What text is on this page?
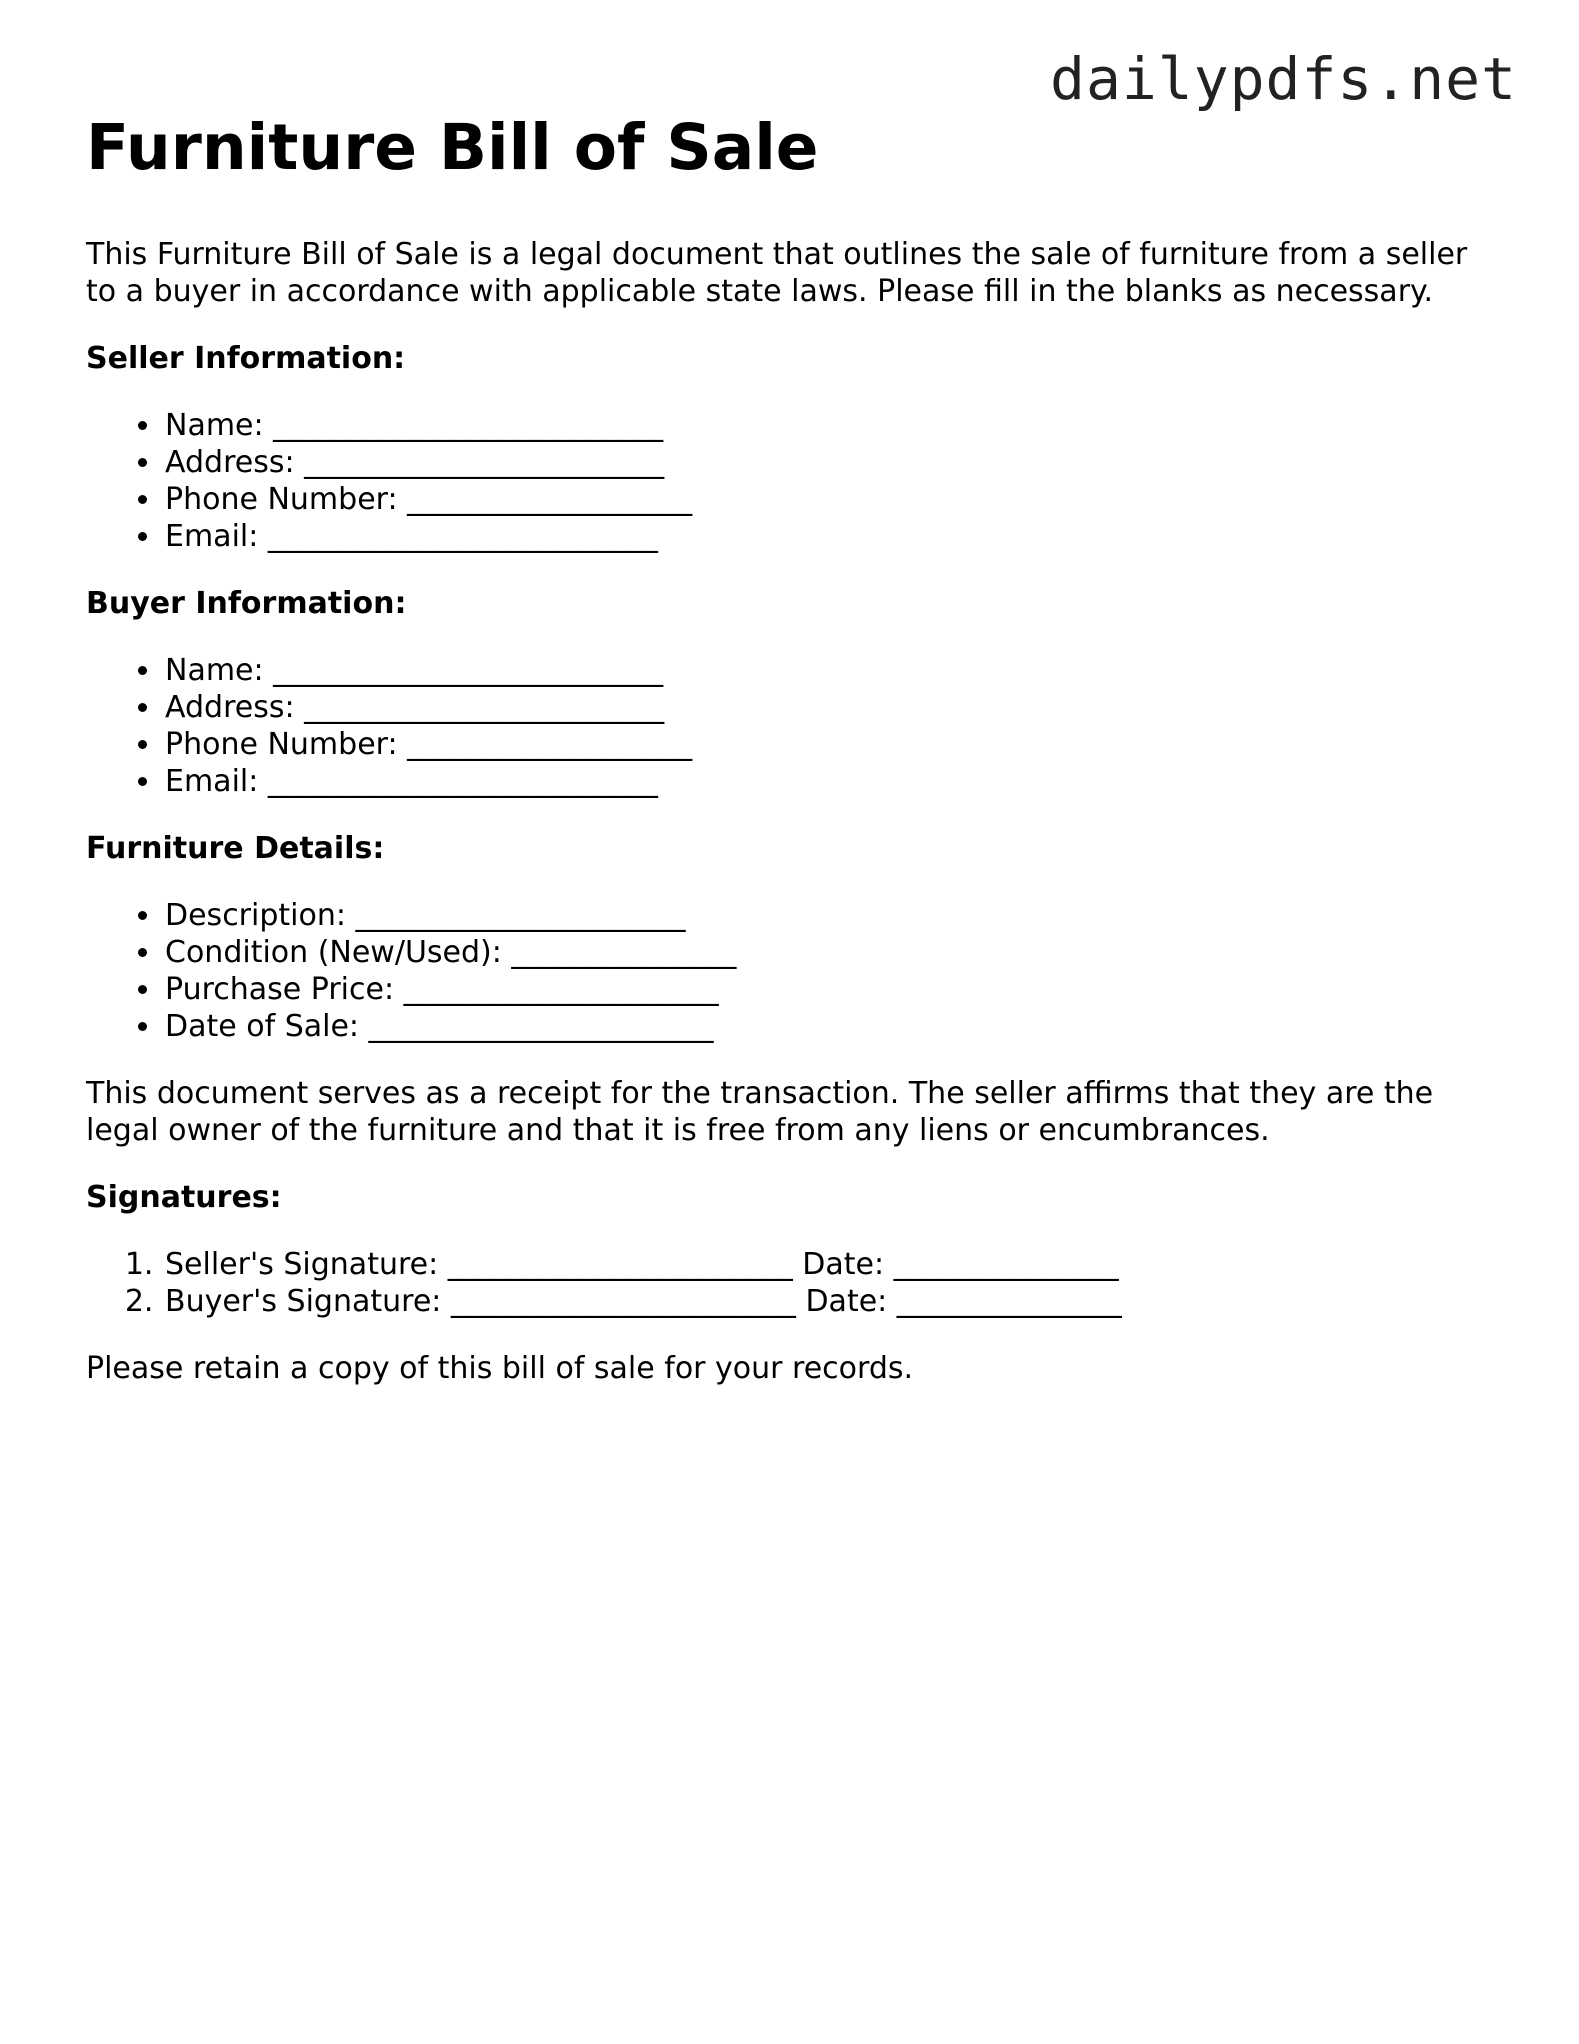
dailypdfs.net
Furniture Bill of Sale

This Furniture Bill of Sale is a legal document that outlines the sale of furniture from a seller to a buyer in accordance with applicable state laws. Please fill in the blanks as necessary.

Seller Information:
• Name: __________________________
• Address: ________________________
• Phone Number: ___________________
• Email: __________________________
Buyer Information:
• Name: __________________________
• Address: ________________________
• Phone Number: ___________________
• Email: __________________________
Furniture Details:
• Description: ______________________
• Condition (New/Used): _______________
• Purchase Price: _____________________
• Date of Sale: _______________________

This document serves as a receipt for the transaction. The seller affirms that they are the legal owner of the furniture and that it is free from any liens or encumbrances.

Signatures:
1. Seller's Signature: _______________________ Date: _______________
2. Buyer's Signature: _______________________ Date: _______________

Please retain a copy of this bill of sale for your records.
